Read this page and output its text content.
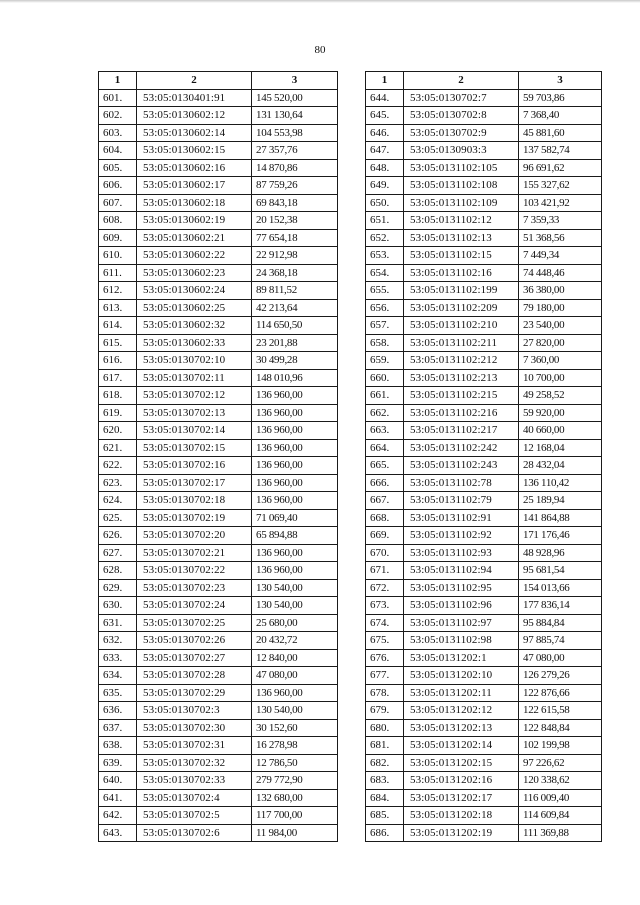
80
1	2	3
601.	53:05:0130401:91	145 520,00
602.	53:05:0130602:12	131 130,64
603.	53:05:0130602:14	104 553,98
604.	53:05:0130602:15	27 357,76
605.	53:05:0130602:16	14 870,86
606.	53:05:0130602:17	87 759,26
607.	53:05:0130602:18	69 843,18
608.	53:05:0130602:19	20 152,38
609.	53:05:0130602:21	77 654,18
610.	53:05:0130602:22	22 912,98
611.	53:05:0130602:23	24 368,18
612.	53:05:0130602:24	89 811,52
613.	53:05:0130602:25	42 213,64
614.	53:05:0130602:32	114 650,50
615.	53:05:0130602:33	23 201,88
616.	53:05:0130702:10	30 499,28
617.	53:05:0130702:11	148 010,96
618.	53:05:0130702:12	136 960,00
619.	53:05:0130702:13	136 960,00
620.	53:05:0130702:14	136 960,00
621.	53:05:0130702:15	136 960,00
622.	53:05:0130702:16	136 960,00
623.	53:05:0130702:17	136 960,00
624.	53:05:0130702:18	136 960,00
625.	53:05:0130702:19	71 069,40
626.	53:05:0130702:20	65 894,88
627.	53:05:0130702:21	136 960,00
628.	53:05:0130702:22	136 960,00
629.	53:05:0130702:23	130 540,00
630.	53:05:0130702:24	130 540,00
631.	53:05:0130702:25	25 680,00
632.	53:05:0130702:26	20 432,72
633.	53:05:0130702:27	12 840,00
634.	53:05:0130702:28	47 080,00
635.	53:05:0130702:29	136 960,00
636.	53:05:0130702:3	130 540,00
637.	53:05:0130702:30	30 152,60
638.	53:05:0130702:31	16 278,98
639.	53:05:0130702:32	12 786,50
640.	53:05:0130702:33	279 772,90
641.	53:05:0130702:4	132 680,00
642.	53:05:0130702:5	117 700,00
643.	53:05:0130702:6	11 984,00
1	2	3
644.	53:05:0130702:7	59 703,86
645.	53:05:0130702:8	7 368,40
646.	53:05:0130702:9	45 881,60
647.	53:05:0130903:3	137 582,74
648.	53:05:0131102:105	96 691,62
649.	53:05:0131102:108	155 327,62
650.	53:05:0131102:109	103 421,92
651.	53:05:0131102:12	7 359,33
652.	53:05:0131102:13	51 368,56
653.	53:05:0131102:15	7 449,34
654.	53:05:0131102:16	74 448,46
655.	53:05:0131102:199	36 380,00
656.	53:05:0131102:209	79 180,00
657.	53:05:0131102:210	23 540,00
658.	53:05:0131102:211	27 820,00
659.	53:05:0131102:212	7 360,00
660.	53:05:0131102:213	10 700,00
661.	53:05:0131102:215	49 258,52
662.	53:05:0131102:216	59 920,00
663.	53:05:0131102:217	40 660,00
664.	53:05:0131102:242	12 168,04
665.	53:05:0131102:243	28 432,04
666.	53:05:0131102:78	136 110,42
667.	53:05:0131102:79	25 189,94
668.	53:05:0131102:91	141 864,88
669.	53:05:0131102:92	171 176,46
670.	53:05:0131102:93	48 928,96
671.	53:05:0131102:94	95 681,54
672.	53:05:0131102:95	154 013,66
673.	53:05:0131102:96	177 836,14
674.	53:05:0131102:97	95 884,84
675.	53:05:0131102:98	97 885,74
676.	53:05:0131202:1	47 080,00
677.	53:05:0131202:10	126 279,26
678.	53:05:0131202:11	122 876,66
679.	53:05:0131202:12	122 615,58
680.	53:05:0131202:13	122 848,84
681.	53:05:0131202:14	102 199,98
682.	53:05:0131202:15	97 226,62
683.	53:05:0131202:16	120 338,62
684.	53:05:0131202:17	116 009,40
685.	53:05:0131202:18	114 609,84
686.	53:05:0131202:19	111 369,88
